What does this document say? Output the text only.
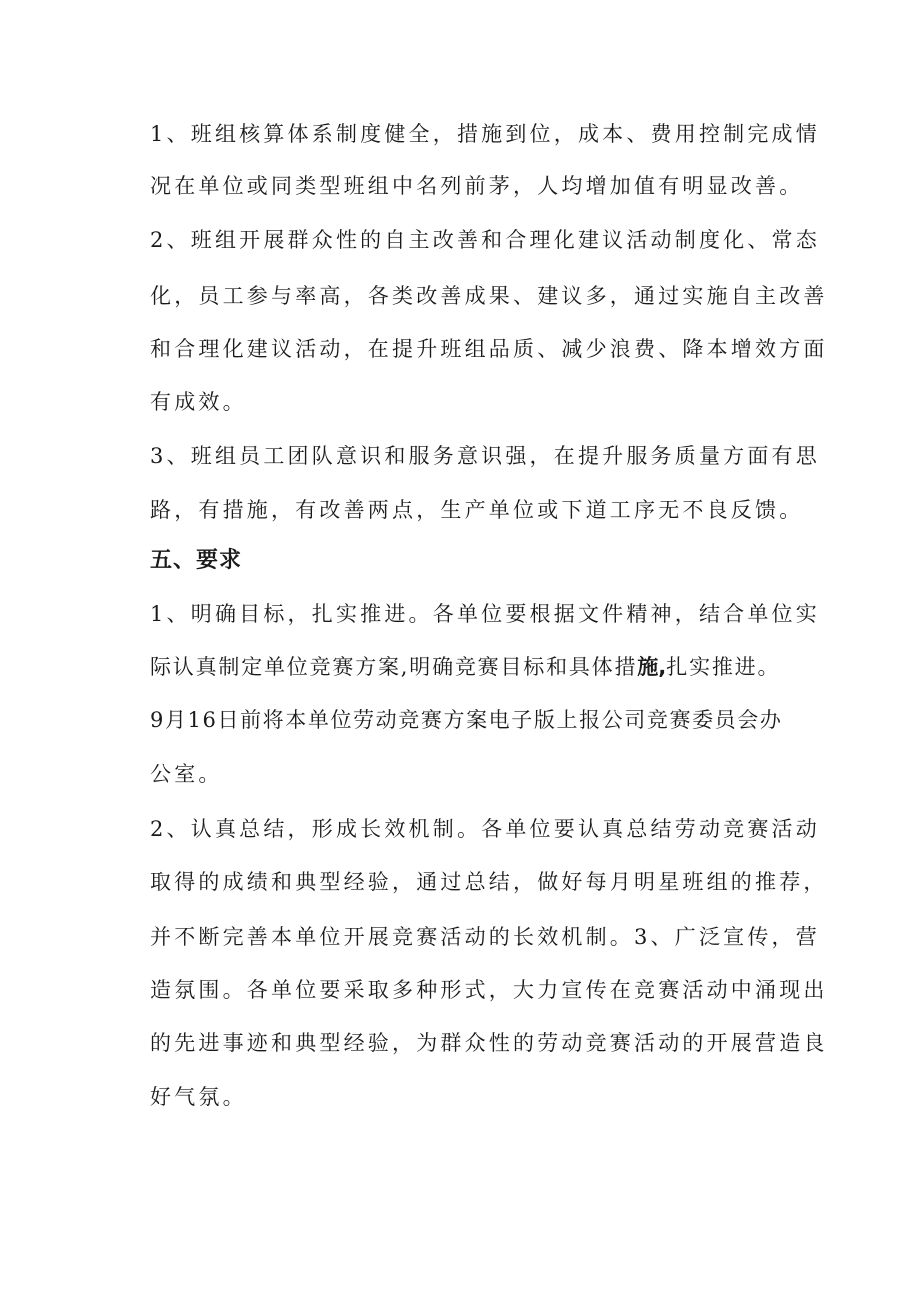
1、班组核算体系制度健全，措施到位，成本、费用控制完成情
况在单位或同类型班组中名列前茅，人均增加值有明显改善。
2、班组开展群众性的自主改善和合理化建议活动制度化、常态
化，员工参与率高，各类改善成果、建议多，通过实施自主改善
和合理化建议活动，在提升班组品质、减少浪费、降本增效方面
有成效。
3、班组员工团队意识和服务意识强，在提升服务质量方面有思
路，有措施，有改善两点，生产单位或下道工序无不良反馈。
五、要求
1、明确目标，扎实推进。各单位要根据文件精神，结合单位实
际认真制定单位竞赛方案,明确竞赛目标和具体措施,扎实推进。
9月16日前将本单位劳动竞赛方案电子版上报公司竞赛委员会办
公室。
2、认真总结，形成长效机制。各单位要认真总结劳动竞赛活动
取得的成绩和典型经验，通过总结，做好每月明星班组的推荐，
并不断完善本单位开展竞赛活动的长效机制。3、广泛宣传，营
造氛围。各单位要采取多种形式，大力宣传在竞赛活动中涌现出
的先进事迹和典型经验，为群众性的劳动竞赛活动的开展营造良
好气氛。
